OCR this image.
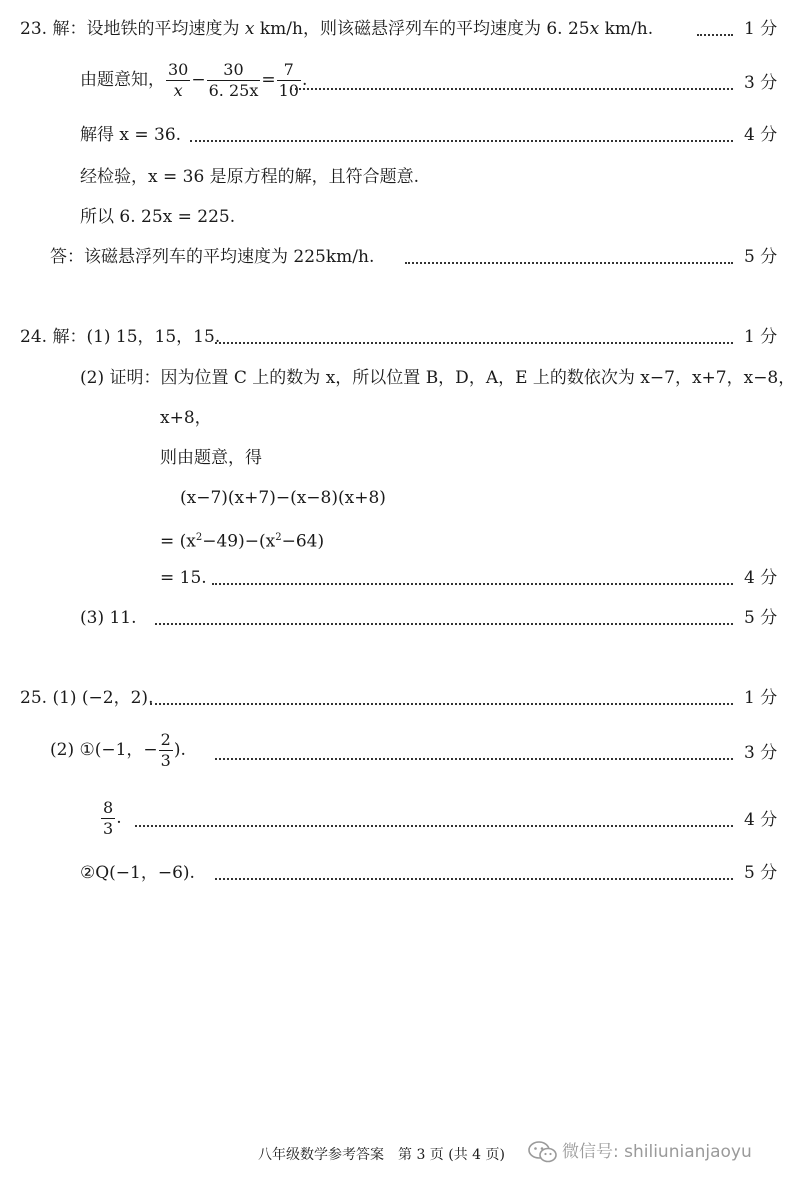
23. 解：设地铁的平均速度为 x km/h，则该磁悬浮列车的平均速度为 6. 25x km/h.	1 分
由题意知， $\frac{30}{x} - \frac{30}{6. 25x} = \frac{7}{10}$ .	3 分
解得 x = 36.	4 分
经检验，x = 36 是原方程的解，且符合题意.
所以 6. 25x = 225.
答：该磁悬浮列车的平均速度为 225km/h.	5 分
24. 解：(1) 15，15，15.	1 分
(2) 证明：因为位置 C 上的数为 x，所以位置 B，D，A，E 上的数依次为 x−7，x+7，x−8，
x+8，
则由题意，得
(x−7)(x+7)−(x−8)(x+8)
= $(x^2-49)-(x^2-64)$
= 15.	4 分
(3) 11.	5 分
25. (1) (−2，2).	1 分
(2) ①(−1，− $\frac{2}{3}$ ).	3 分
$\frac{8}{3}$ .	4 分
②Q(−1，−6).	5 分
八年级数学参考答案　第 3 页 (共 4 页)	微信号: shiliunianjaoyu
